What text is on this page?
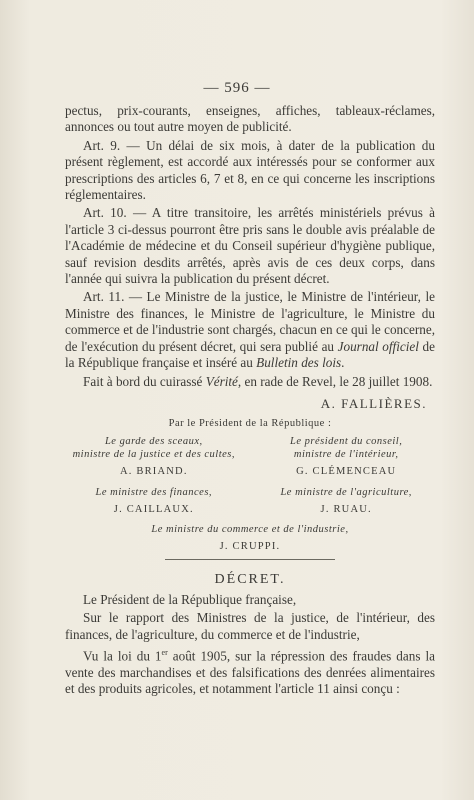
— 596 —

pectus, prix-courants, enseignes, affiches, tableaux-réclames, annonces ou tout autre moyen de publicité.

Art. 9. — Un délai de six mois, à dater de la publication du présent règlement, est accordé aux intéressés pour se conformer aux prescriptions des articles 6, 7 et 8, en ce qui concerne les inscriptions réglementaires.

Art. 10. — A titre transitoire, les arrêtés ministériels prévus à l'article 3 ci-dessus pourront être pris sans le double avis préalable de l'Académie de médecine et du Conseil supérieur d'hygiène publique, sauf revision desdits arrêtés, après avis de ces deux corps, dans l'année qui suivra la publication du présent décret.

Art. 11. — Le Ministre de la justice, le Ministre de l'intérieur, le Ministre des finances, le Ministre de l'agriculture, le Ministre du commerce et de l'industrie sont chargés, chacun en ce qui le concerne, de l'exécution du présent décret, qui sera publié au Journal officiel de la République française et inséré au Bulletin des lois.

Fait à bord du cuirassé Vérité, en rade de Revel, le 28 juillet 1908.

A. FALLIÈRES.
Par le Président de la République :
Le garde des sceaux,
ministre de la justice et des cultes,
A. BRIAND.
Le président du conseil,
ministre de l'intérieur,
G. CLÉMENCEAU
Le ministre des finances,
J. CAILLAUX.
Le ministre de l'agriculture,
J. RUAU.
Le ministre du commerce et de l'industrie,
J. CRUPPI.
DÉCRET.

Le Président de la République française,

Sur le rapport des Ministres de la justice, de l'intérieur, des finances, de l'agriculture, du commerce et de l'industrie,

Vu la loi du 1er août 1905, sur la répression des fraudes dans la vente des marchandises et des falsifications des denrées alimentaires et des produits agricoles, et notamment l'article 11 ainsi conçu :
